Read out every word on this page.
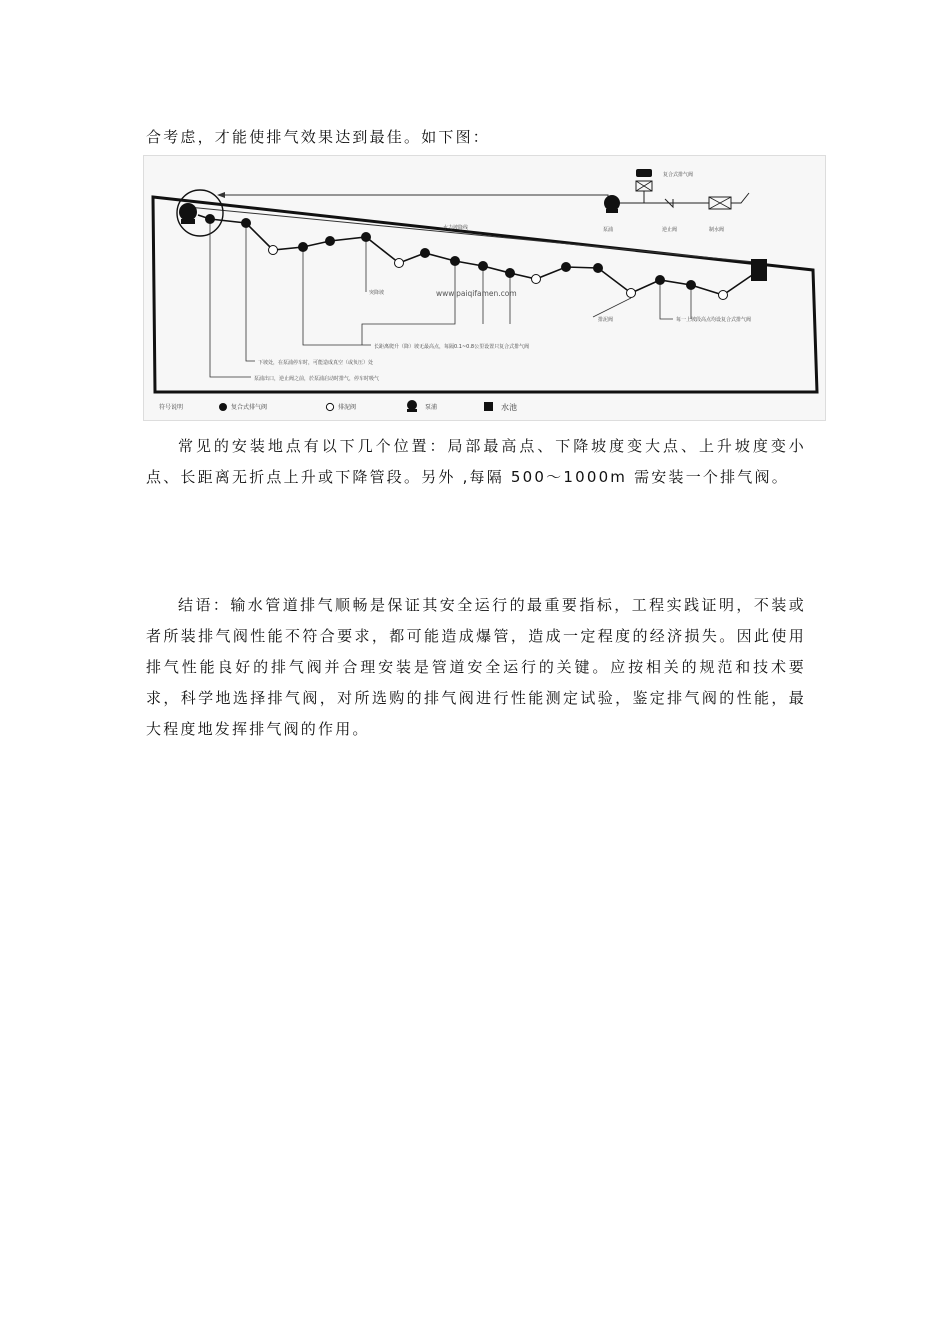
合考虑，才能使排气效果达到最佳。如下图：

水力坡降线	泵浦
复合式排气阀
逆止阀	制水阀
突降坡	www.paiqifamen.com
排泥阀	每一上坡段高点均设复合式排气阀
长距离爬升（降）坡无最高点，每隔0.1~0.8公里设置只复合式排气阀
下坡处，在泵浦停车时，可能造成真空（或负压）处
泵浦出口，逆止阀之前，於泵浦启动时排气，停车时吸气
符号说明	复合式排气阀	排泥阀	泵浦	水池

常见的安装地点有以下几个位置：局部最高点、下降坡度变大点、上升坡度变小点、长距离无折点上升或下降管段。另外 ,每隔 500～1000m 需安装一个排气阀。

结语：输水管道排气顺畅是保证其安全运行的最重要指标，工程实践证明，不装或者所装排气阀性能不符合要求，都可能造成爆管，造成一定程度的经济损失。因此使用排气性能良好的排气阀并合理安装是管道安全运行的关键。应按相关的规范和技术要求，科学地选择排气阀，对所选购的排气阀进行性能测定试验，鉴定排气阀的性能，最大程度地发挥排气阀的作用。
